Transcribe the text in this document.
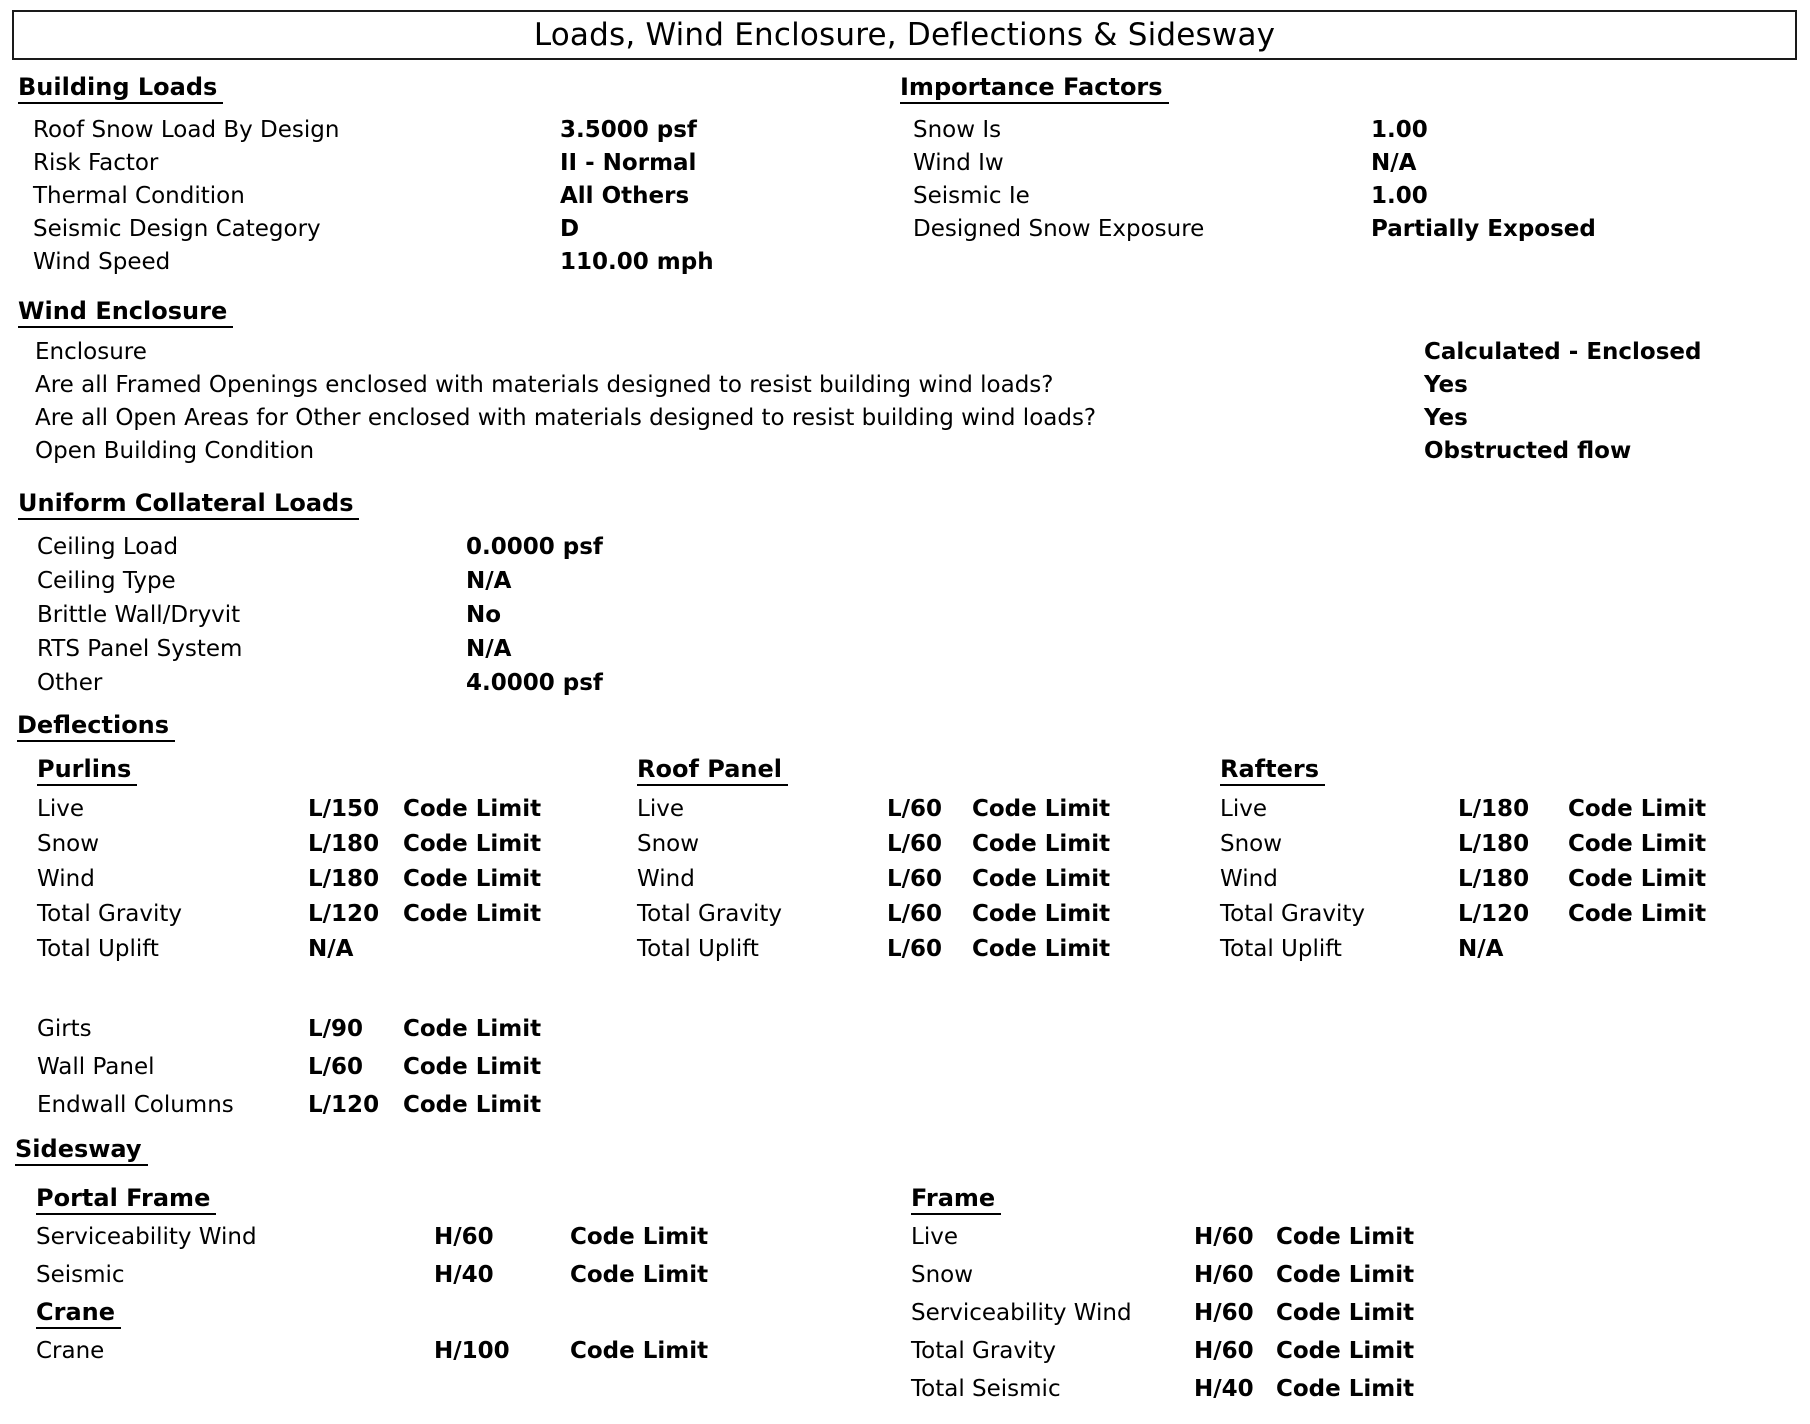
Loads, Wind Enclosure, Deflections & Sidesway
Building Loads
Roof Snow Load By Design	3.5000 psf
Risk Factor	II - Normal
Thermal Condition	All Others
Seismic Design Category	D
Wind Speed	110.00 mph
Importance Factors
Snow Is	1.00
Wind Iw	N/A
Seismic Ie	1.00
Designed Snow Exposure	Partially Exposed
Wind Enclosure
Enclosure	Calculated - Enclosed
Are all Framed Openings enclosed with materials designed to resist building wind loads?	Yes
Are all Open Areas for Other enclosed with materials designed to resist building wind loads?	Yes
Open Building Condition	Obstructed flow
Uniform Collateral Loads
Ceiling Load	0.0000 psf
Ceiling Type	N/A
Brittle Wall/Dryvit	No
RTS Panel System	N/A
Other	4.0000 psf
Deflections
Purlins
Live	L/150	Code Limit
Snow	L/180	Code Limit
Wind	L/180	Code Limit
Total Gravity	L/120	Code Limit
Total Uplift	N/A
Roof Panel
Live	L/60	Code Limit
Snow	L/60	Code Limit
Wind	L/60	Code Limit
Total Gravity	L/60	Code Limit
Total Uplift	L/60	Code Limit
Rafters
Live	L/180	Code Limit
Snow	L/180	Code Limit
Wind	L/180	Code Limit
Total Gravity	L/120	Code Limit
Total Uplift	N/A
Girts	L/90	Code Limit
Wall Panel	L/60	Code Limit
Endwall Columns	L/120	Code Limit
Sidesway
Portal Frame
Serviceability Wind	H/60	Code Limit
Seismic	H/40	Code Limit
Crane
Crane	H/100	Code Limit
Frame
Live	H/60 Code Limit
Snow	H/60 Code Limit
Serviceability Wind	H/60 Code Limit
Total Gravity	H/60 Code Limit
Total Seismic	H/40 Code Limit
